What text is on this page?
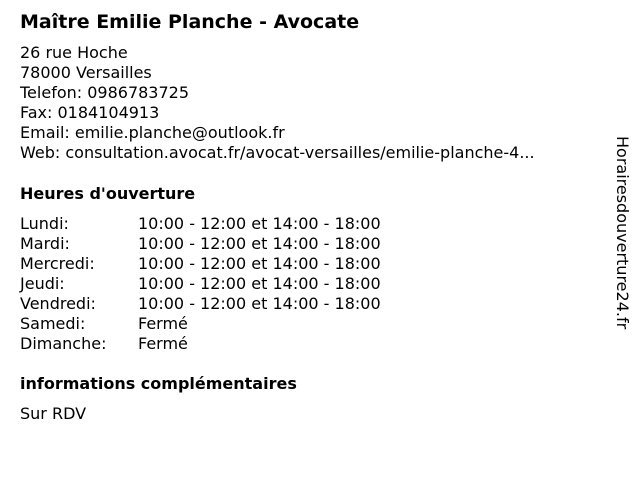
Maître Emilie Planche - Avocate
26 rue Hoche
78000 Versailles
Telefon: 0986783725
Fax: 0184104913
Email: emilie.planche@outlook.fr
Web: consultation.avocat.fr/avocat-versailles/emilie-planche-4...
Heures d'ouverture
Lundi:	10:00 - 12:00 et 14:00 - 18:00
Mardi:	10:00 - 12:00 et 14:00 - 18:00
Mercredi:	10:00 - 12:00 et 14:00 - 18:00
Jeudi:	10:00 - 12:00 et 14:00 - 18:00
Vendredi:	10:00 - 12:00 et 14:00 - 18:00
Samedi:	Fermé
Dimanche:	Fermé
informations complémentaires
Sur RDV
Horairesdouverture24.fr
